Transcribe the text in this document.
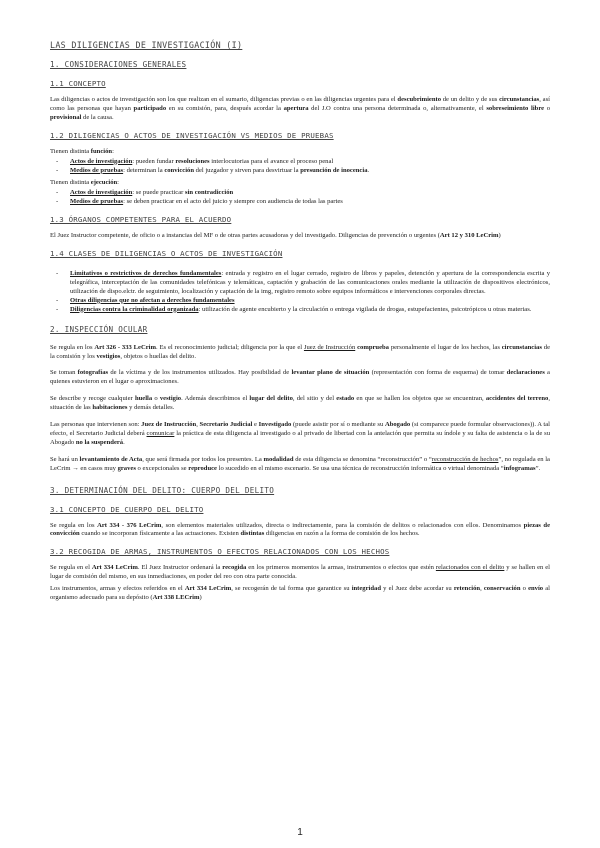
LAS DILIGENCIAS DE INVESTIGACIÓN (I)
1. CONSIDERACIONES GENERALES
1.1 CONCEPTO

Las diligencias o actos de investigación son los que realizan en el sumario, diligencias previas o en las diligencias urgentes para el descubrimiento de un delito y de sus circunstancias, así como las personas que hayan participado en su comisión, para, después acordar la apertura del J.O contra una persona determinada o, alternativamente, el sobreseimiento libre o provisional de la causa.

1.2 DILIGENCIAS O ACTOS DE INVESTIGACIÓN VS MEDIOS DE PRUEBAS
Tienen distinta función:
- Actos de investigación: pueden fundar resoluciones interlocutorias para el avance el proceso penal
- Medios de pruebas: determinan la convicción del juzgador y sirven para desvirtuar la presunción de inocencia.
Tienen distinta ejecución:
- Actos de investigación: se puede practicar sin contradicción
- Medios de pruebas: se deben practicar en el acto del juicio y siempre con audiencia de todas las partes
1.3 ÓRGANOS COMPETENTES PARA EL ACUERDO

El Juez Instructor competente, de oficio o a instancias del MF o de otras partes acusadoras y del investigado. Diligencias de prevención o urgentes (Art 12 y 310 LeCrim)

1.4 CLASES DE DILIGENCIAS O ACTOS DE INVESTIGACIÓN
- Limitativos o restrictivos de derechos fundamentales: entrada y registro en el lugar cerrado, registro de libros y papeles, detención y apertura de la correspondencia escrita y telegráfica, interceptación de las comunidades telefónicas y telemáticas, captación y grabación de las comunicaciones orales mediante la utilización de dispositivos electrónicos, utilización de dispo.elctr. de seguimiento, localización y captación de la img, registro remoto sobre equipos informáticos e intervenciones corporales directas.
- Otras diligencias que no afectan a derechos fundamentales
- Diligencias contra la criminalidad organizada: utilización de agente encubierto y la circulación o entrega vigilada de drogas, estupefacientes, psicotrópicos u otras materias.
2. INSPECCIÓN OCULAR

Se regula en los Art 326 - 333 LeCrim. Es el reconocimiento judicial; diligencia por la que el Juez de Instrucción comprueba personalmente el lugar de los hechos, las circunstancias de la comisión y los vestigios, objetos o huellas del delito.

Se toman fotografías de la víctima y de los instrumentos utilizados. Hay posibilidad de levantar plano de situación (representación con forma de esquema) de tomar declaraciones a quienes estuvieron en el lugar o aproximaciones.

Se describe y recoge cualquier huella o vestigio. Además describimos el lugar del delito, del sitio y del estado en que se hallen los objetos que se encuentran, accidentes del terreno, situación de las habitaciones y demás detalles.

Las personas que intervienen son: Juez de Instrucción, Secretario Judicial e Investigado (puede asistir por sí o mediante su Abogado (si comparece puede formular observaciones)). A tal efecto, el Secretario Judicial deberá comunicar la práctica de esta diligencia al investigado o al privado de libertad con la antelación que permita su índole y su falta de asistencia o la de su Abogado no la suspenderá.

Se hará un levantamiento de Acta, que será firmada por todos los presentes. La modalidad de esta diligencia se denomina “reconstrucción” o “reconstrucción de hechos”, no regulada en la LeCrim → en casos muy graves o excepcionales se reproduce lo sucedido en el mismo escenario. Se usa una técnica de reconstrucción informática o virtual denominada “infogramas”.

3. DETERMINACIÓN DEL DELITO: CUERPO DEL DELITO
3.1 CONCEPTO DE CUERPO DEL DELITO

Se regula en los Art 334 - 376 LeCrim, son elementos materiales utilizados, directa o indirectamente, para la comisión de delitos o relacionados con ellos. Denominamos piezas de convicción cuando se incorporan físicamente a las actuaciones. Existen distintas diligencias en razón a la forma de comisión de los hechos.

3.2 RECOGIDA DE ARMAS, INSTRUMENTOS O EFECTOS RELACIONADOS CON LOS HECHOS

Se regula en el Art 334 LeCrim. El Juez Instructor ordenará la recogida en los primeros momentos la armas, instrumentos o efectos que estén relacionados con el delito y se hallen en el lugar de comisión del mismo, en sus inmediaciones, en poder del reo con otra parte conocida.

Los instrumentos, armas y efectos referidos en el Art 334 LeCrim, se recogerán de tal forma que garantice su integridad y el Juez debe acordar su retención, conservación o envío al organismo adecuado para su depósito (Art 338 LECrim)

1
